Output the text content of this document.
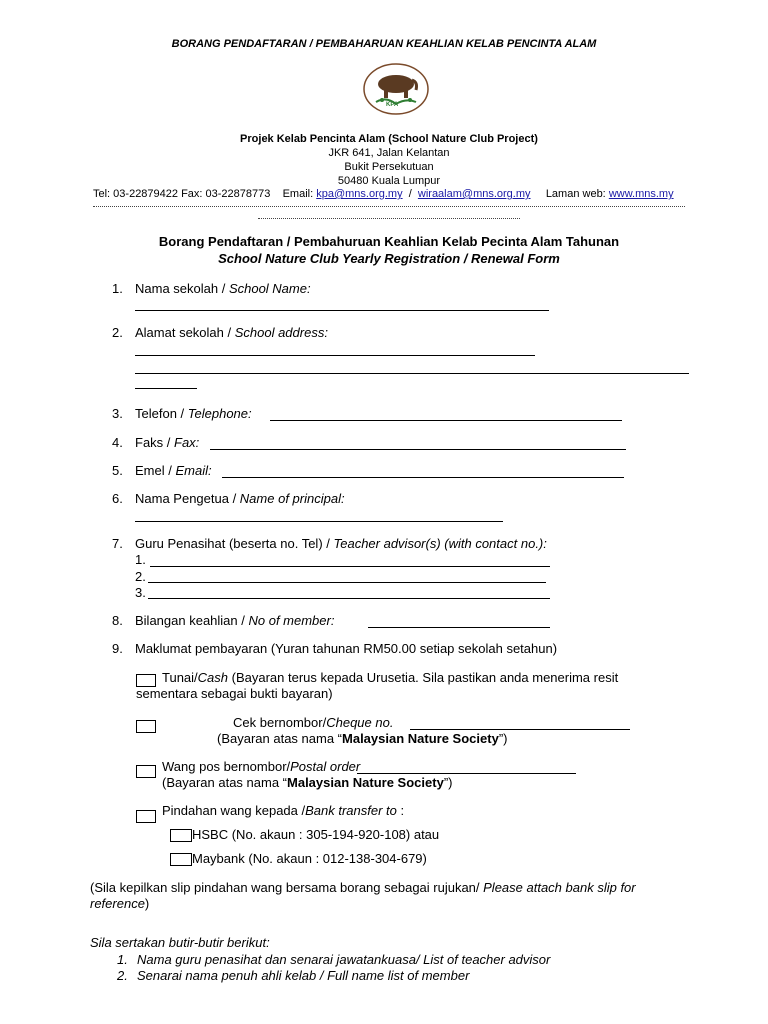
BORANG PENDAFTARAN / PEMBAHARUAN KEAHLIAN KELAB PENCINTA ALAM
KPA
Projek Kelab Pencinta Alam (School Nature Club Project)
JKR 641, Jalan Kelantan
Bukit Persekutuan
50480 Kuala Lumpur
Tel: 03-22879422 Fax: 03-22878773 Email: kpa@mns.org.my / wiraalam@mns.org.my Laman web: www.mns.my
Borang Pendaftaran / Pembahuruan Keahlian Kelab Pecinta Alam Tahunan
School Nature Club Yearly Registration / Renewal Form
1. Nama sekolah / School Name:
2. Alamat sekolah / School address:
3. Telefon / Telephone:
4. Faks / Fax:
5. Emel / Email:
6. Nama Pengetua / Name of principal:
7. Guru Penasihat (beserta no. Tel) / Teacher advisor(s) (with contact no.):
1.
2.
3.
8. Bilangan keahlian / No of member:
9. Maklumat pembayaran (Yuran tahunan RM50.00 setiap sekolah setahun)
Tunai/Cash (Bayaran terus kepada Urusetia. Sila pastikan anda menerima resit
sementara sebagai bukti bayaran)
Cek bernombor/Cheque no.
(Bayaran atas nama “Malaysian Nature Society”)
Wang pos bernombor/Postal order
(Bayaran atas nama “Malaysian Nature Society”)
Pindahan wang kepada /Bank transfer to :
HSBC (No. akaun : 305-194-920-108) atau
Maybank (No. akaun : 012-138-304-679)
(Sila kepilkan slip pindahan wang bersama borang sebagai rujukan/ Please attach bank slip for
reference)
Sila sertakan butir-butir berikut:
1. Nama guru penasihat dan senarai jawatankuasa/ List of teacher advisor
2. Senarai nama penuh ahli kelab / Full name list of member
